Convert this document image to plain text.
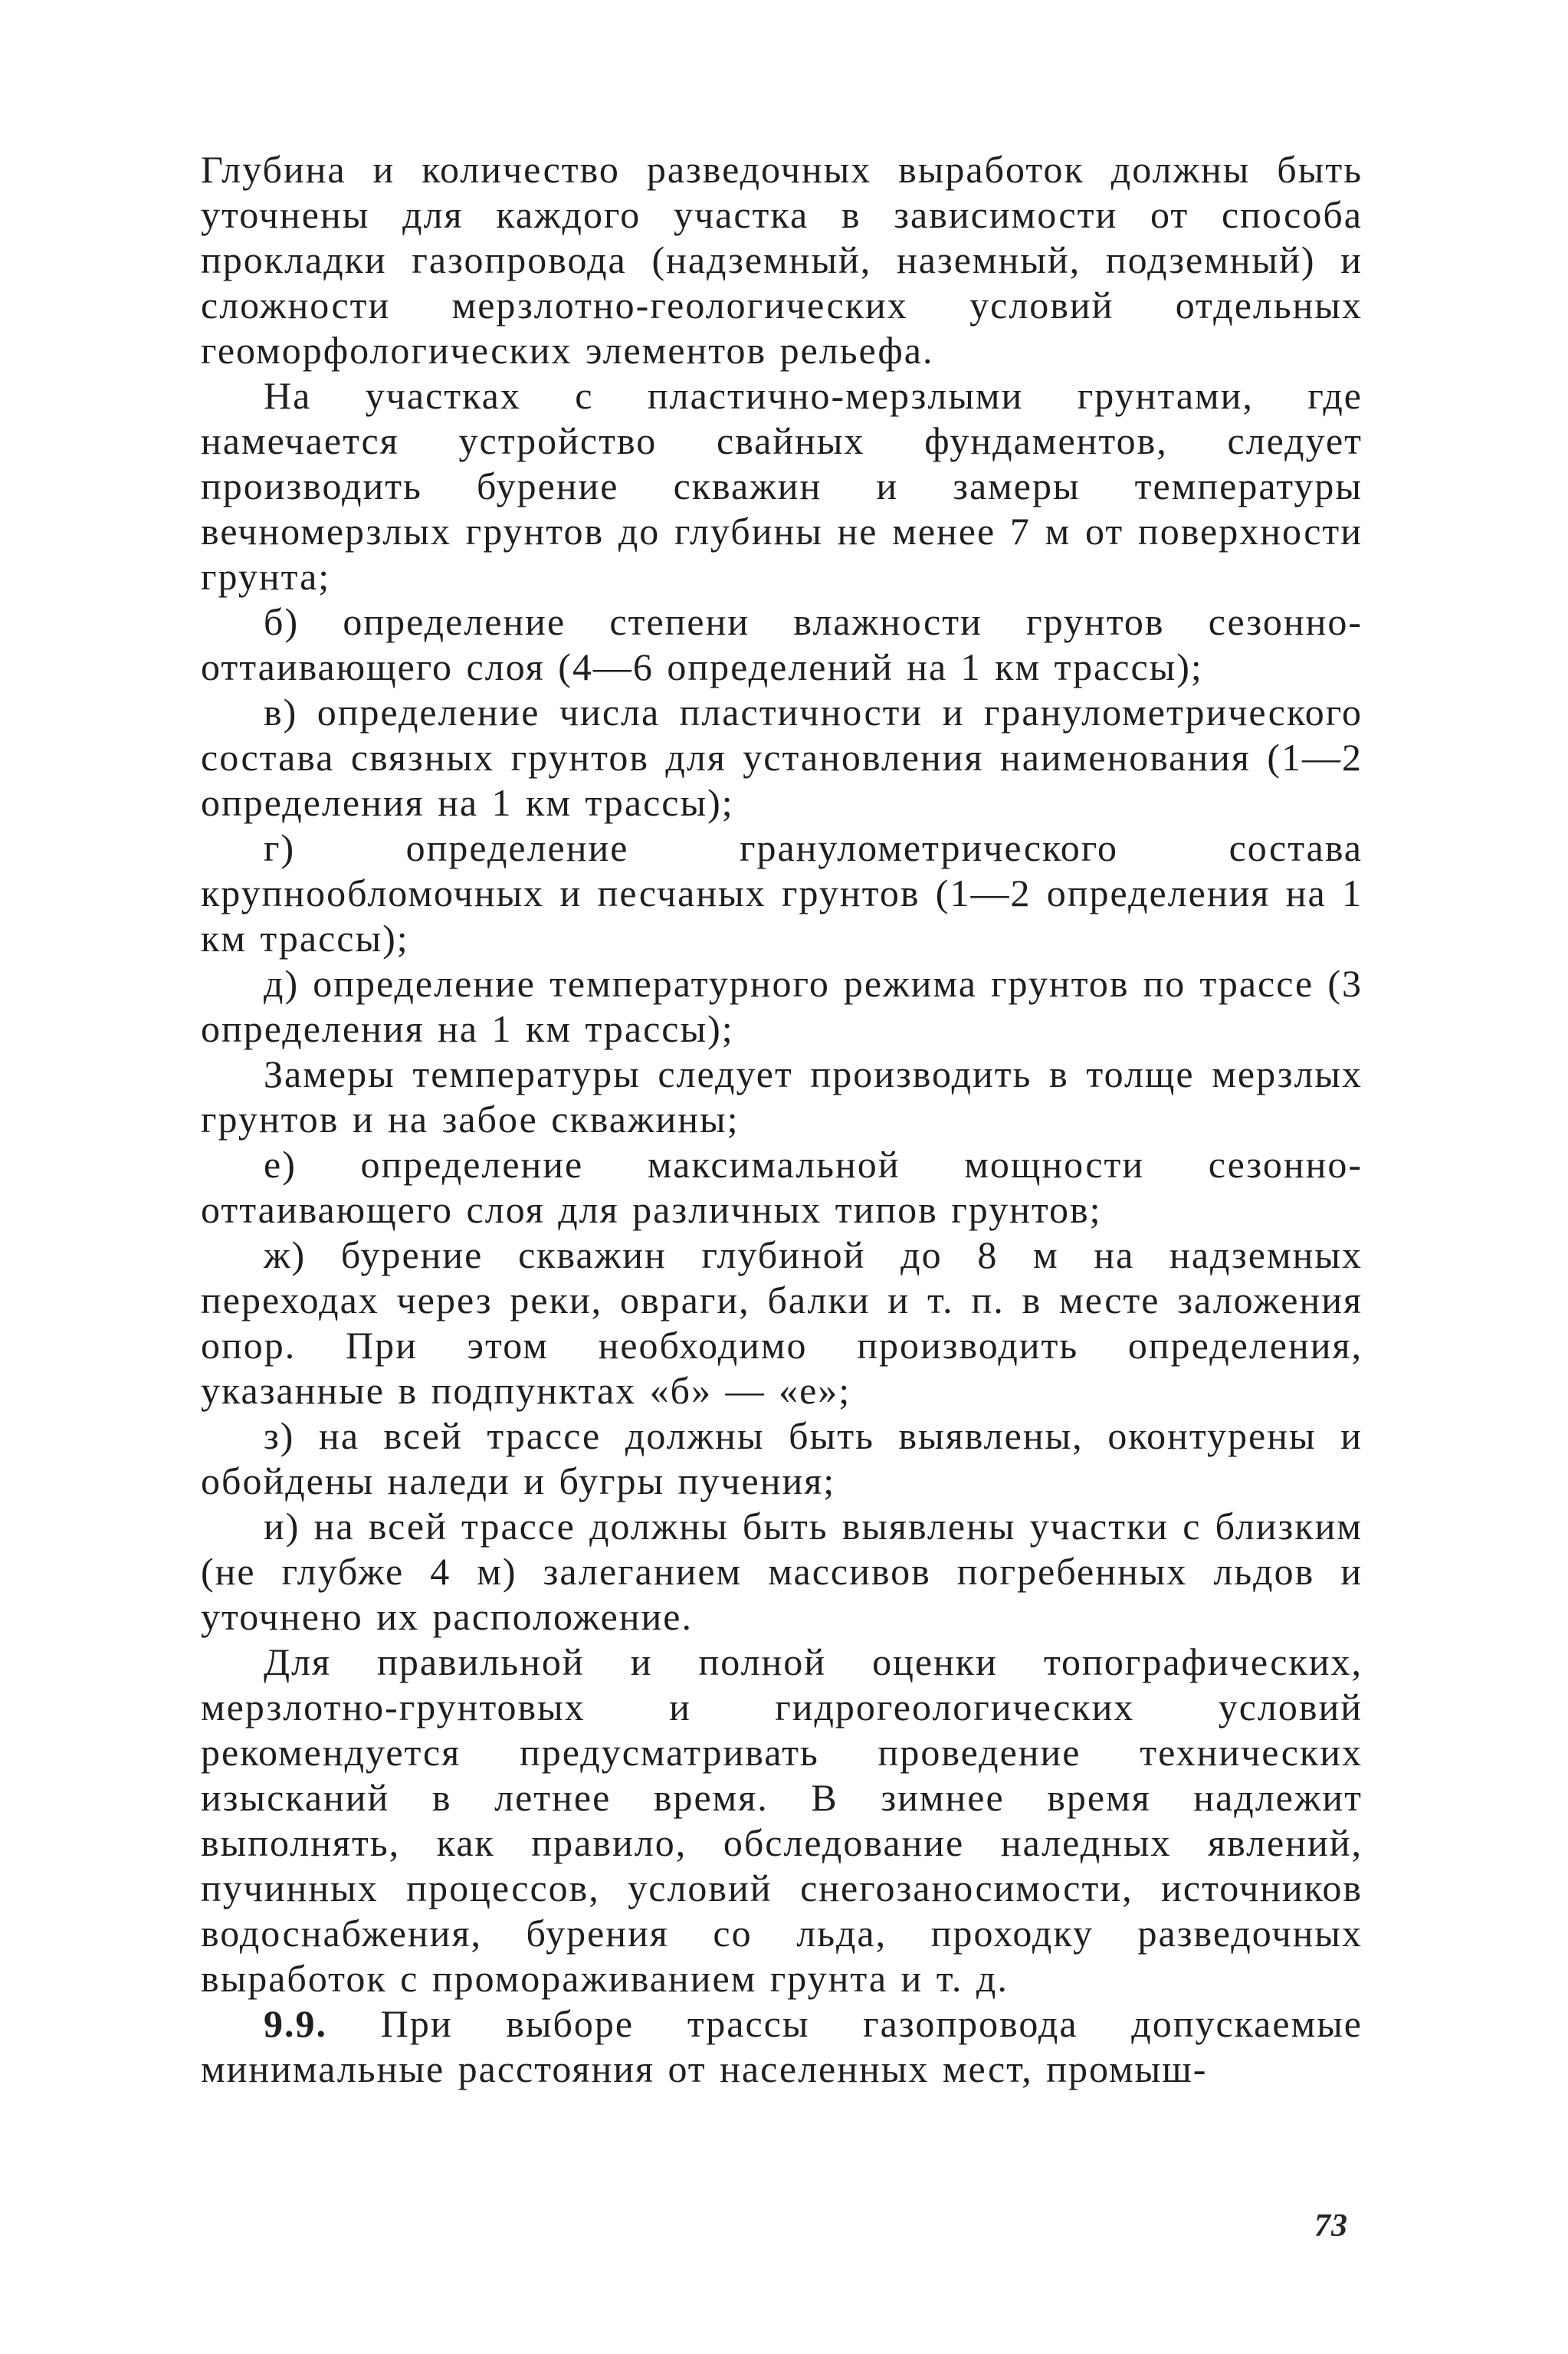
Глубина и количество разведочных выработок должны быть уточнены для каждого участка в зависимости от способа прокладки газопровода (надземный, наземный, подземный) и сложности мерзлотно-геологических условий отдельных геоморфологических элементов рельефа.

На участках с пластично-мерзлыми грунтами, где намечается устройство свайных фундаментов, следует производить бурение скважин и замеры температуры вечномерзлых грунтов до глубины не менее 7 м от поверхности грунта;

б) определение степени влажности грунтов сезонно-оттаивающего слоя (4—6 определений на 1 км трассы);

в) определение числа пластичности и гранулометрического состава связных грунтов для установления наименования (1—2 определения на 1 км трассы);

г) определение гранулометрического состава крупнообломочных и песчаных грунтов (1—2 определения на 1 км трассы);

д) определение температурного режима грунтов по трассе (3 определения на 1 км трассы);

Замеры температуры следует производить в толще мерзлых грунтов и на забое скважины;

е) определение максимальной мощности сезонно-оттаивающего слоя для различных типов грунтов;

ж) бурение скважин глубиной до 8 м на надземных переходах через реки, овраги, балки и т. п. в месте заложения опор. При этом необходимо производить определения, указанные в подпунктах «б» — «е»;

з) на всей трассе должны быть выявлены, оконтурены и обойдены наледи и бугры пучения;

и) на всей трассе должны быть выявлены участки с близким (не глубже 4 м) залеганием массивов погребенных льдов и уточнено их расположение.

Для правильной и полной оценки топографических, мерзлотно-грунтовых и гидрогеологических условий рекомендуется предусматривать проведение технических изысканий в летнее время. В зимнее время надлежит выполнять, как правило, обследование наледных явлений, пучинных процессов, условий снегозаносимости, источников водоснабжения, бурения со льда, проходку разведочных выработок с промораживанием грунта и т. д.

9.9. При выборе трассы газопровода допускаемые минимальные расстояния от населенных мест, промыш-

73
